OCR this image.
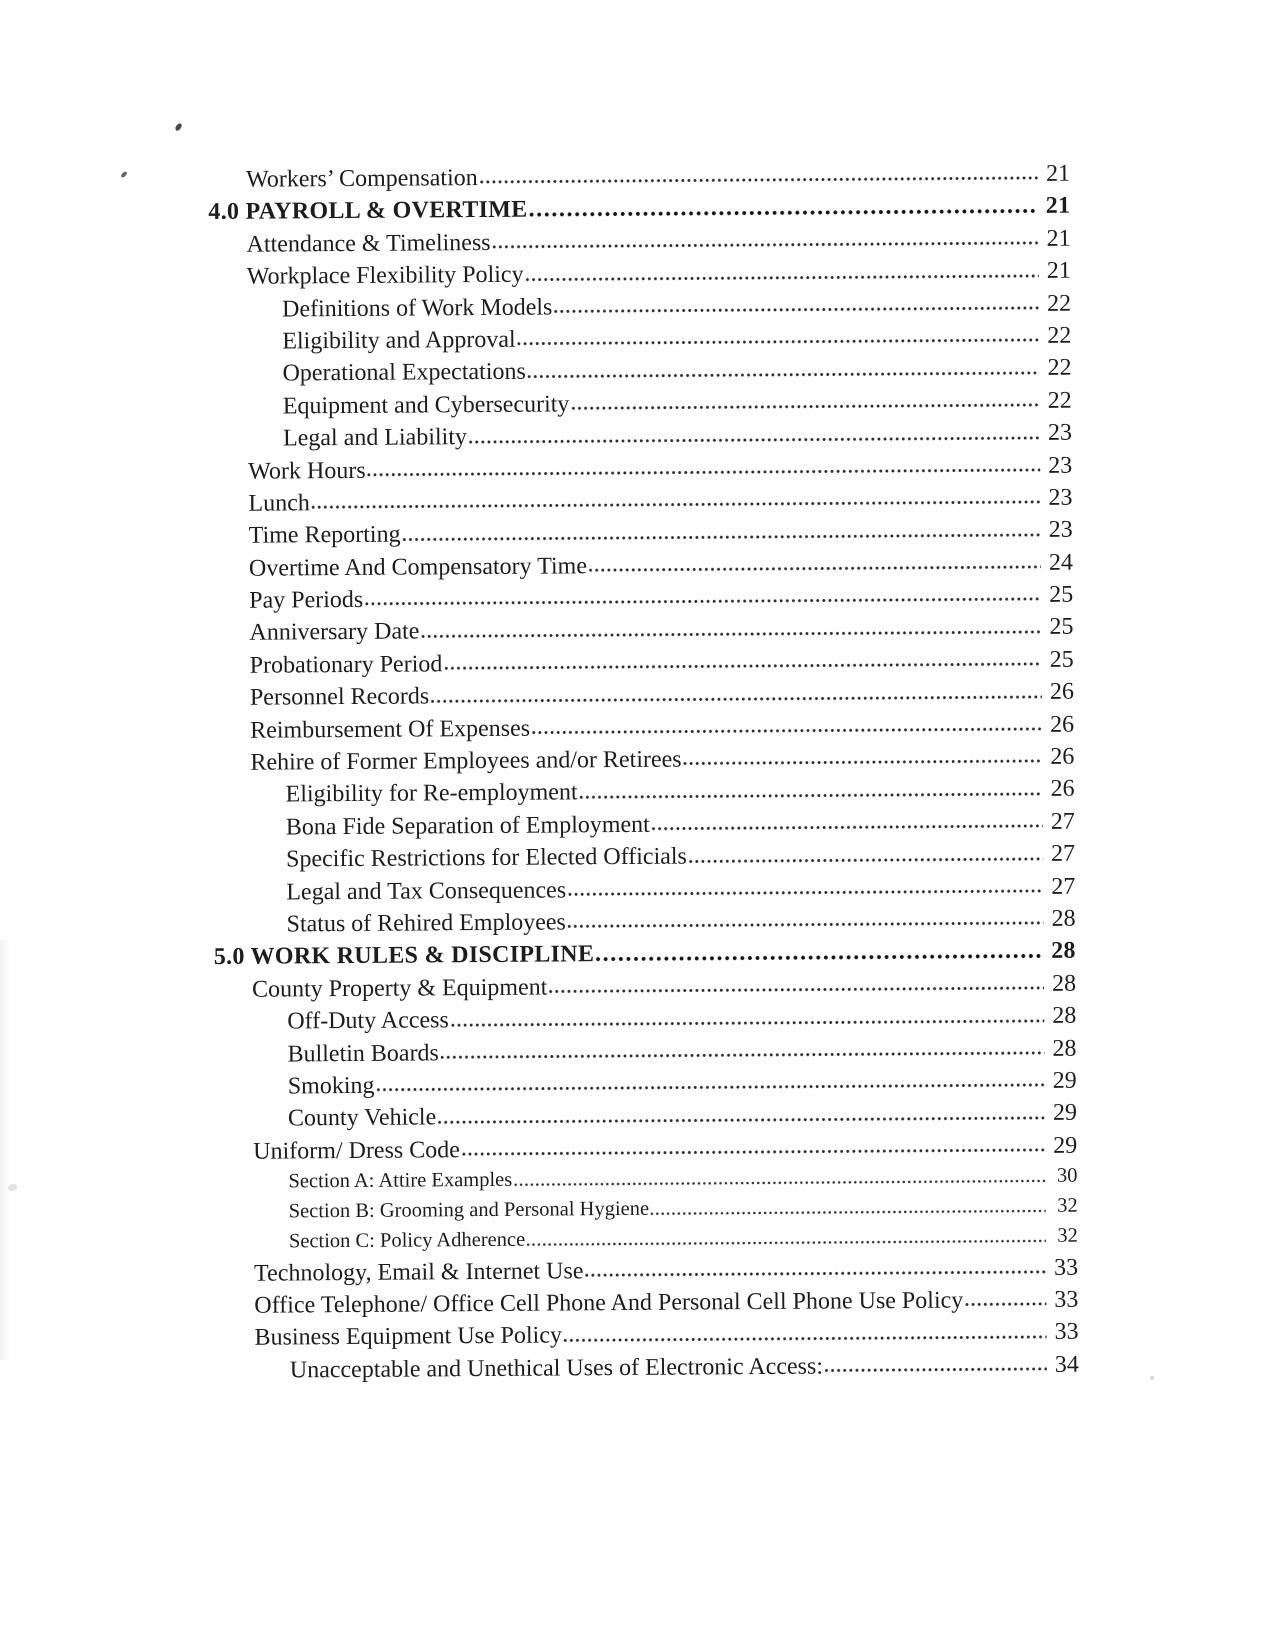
Workers’ Compensation	21
4.0 PAYROLL & OVERTIME	21
Attendance & Timeliness	21
Workplace Flexibility Policy	21
Definitions of Work Models	22
Eligibility and Approval	22
Operational Expectations	22
Equipment and Cybersecurity	22
Legal and Liability	23
Work Hours	23
Lunch	23
Time Reporting	23
Overtime And Compensatory Time	24
Pay Periods	25
Anniversary Date	25
Probationary Period	25
Personnel Records	26
Reimbursement Of Expenses	26
Rehire of Former Employees and/or Retirees	26
Eligibility for Re-employment	26
Bona Fide Separation of Employment	27
Specific Restrictions for Elected Officials	27
Legal and Tax Consequences	27
Status of Rehired Employees	28
5.0 WORK RULES & DISCIPLINE	28
County Property & Equipment	28
Off-Duty Access	28
Bulletin Boards	28
Smoking	29
County Vehicle	29
Uniform/ Dress Code	29
Section A: Attire Examples	30
Section B: Grooming and Personal Hygiene	32
Section C: Policy Adherence	32
Technology, Email & Internet Use	33
Office Telephone/ Office Cell Phone And Personal Cell Phone Use Policy	33
Business Equipment Use Policy	33
Unacceptable and Unethical Uses of Electronic Access:	34
